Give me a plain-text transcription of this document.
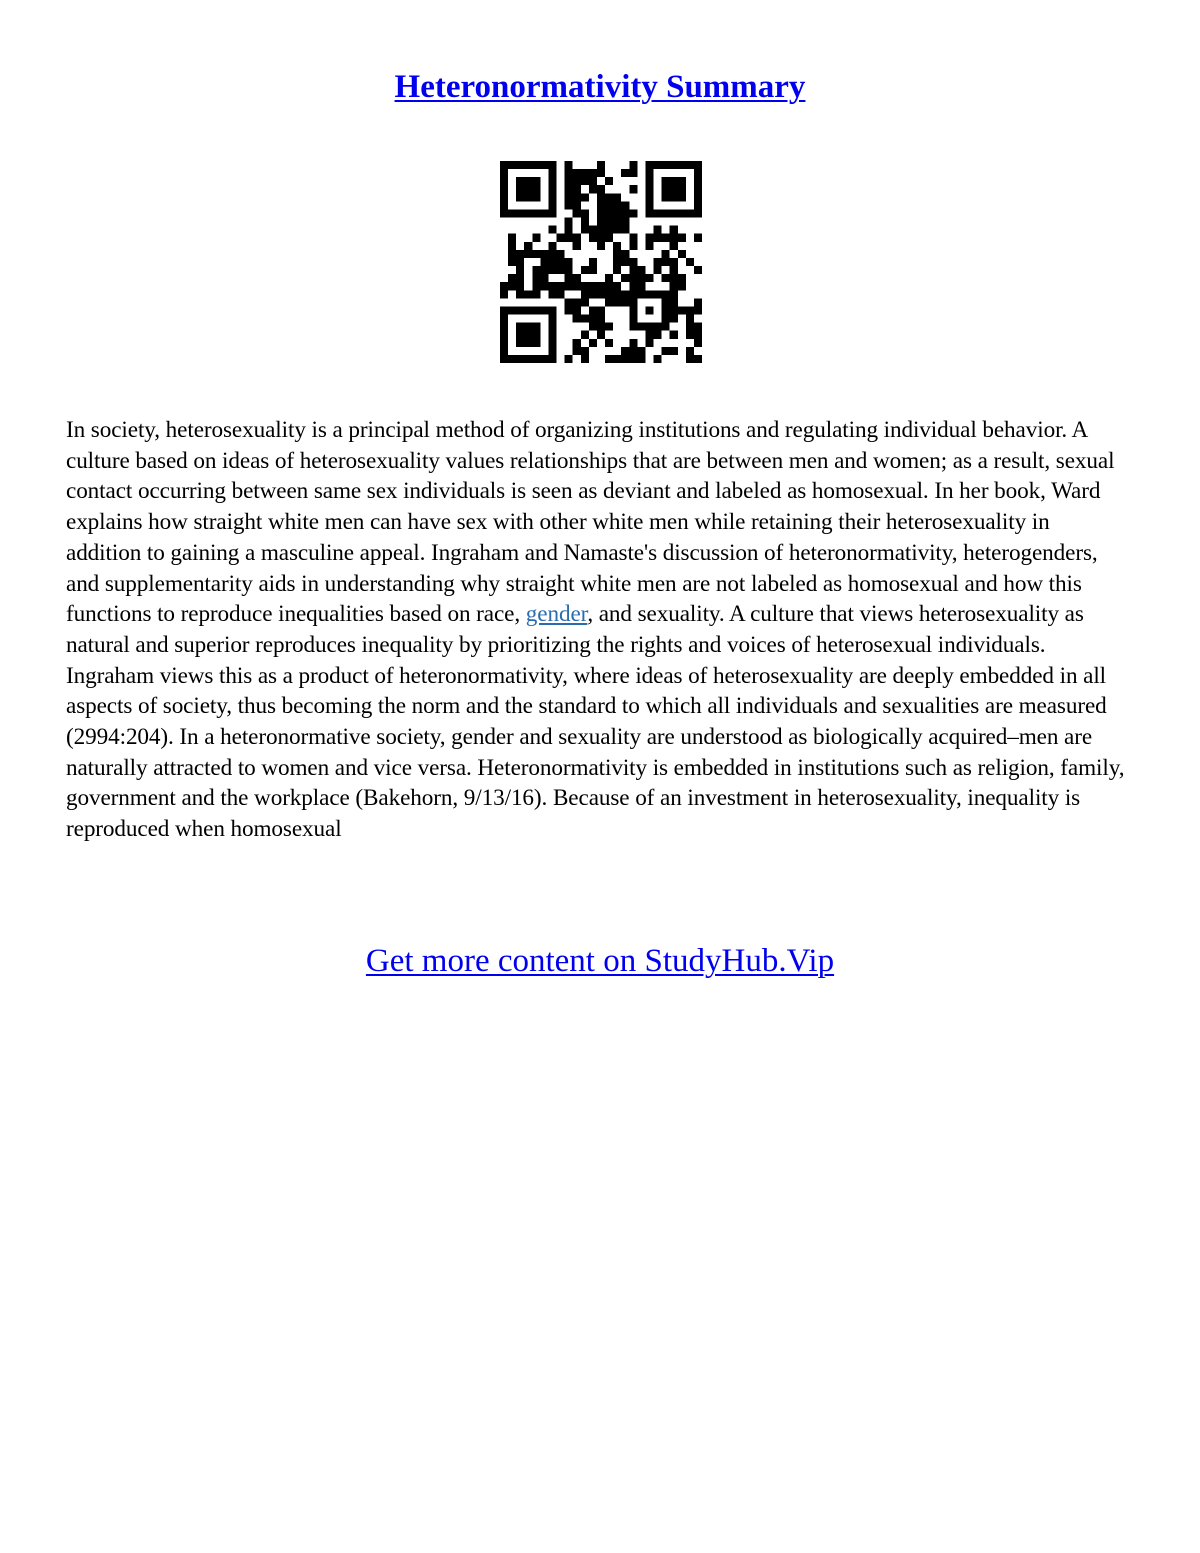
Heteronormativity Summary

In society, heterosexuality is a principal method of organizing institutions and regulating individual behavior. A culture based on ideas of heterosexuality values relationships that are between men and women; as a result, sexual contact occurring between same sex individuals is seen as deviant and labeled as homosexual. In her book, Ward explains how straight white men can have sex with other white men while retaining their heterosexuality in addition to gaining a masculine appeal. Ingraham and Namaste's discussion of heteronormativity, heterogenders, and supplementarity aids in understanding why straight white men are not labeled as homosexual and how this functions to reproduce inequalities based on race, gender, and sexuality. A culture that views heterosexuality as natural and superior reproduces inequality by prioritizing the rights and voices of heterosexual individuals. Ingraham views this as a product of heteronormativity, where ideas of heterosexuality are deeply embedded in all aspects of society, thus becoming the norm and the standard to which all individuals and sexualities are measured (2994:204). In a heteronormative society, gender and sexuality are understood as biologically acquired–men are naturally attracted to women and vice versa. Heteronormativity is embedded in institutions such as religion, family, government and the workplace (Bakehorn, 9/13/16). Because of an investment in heterosexuality, inequality is reproduced when homosexual

Get more content on StudyHub.Vip
